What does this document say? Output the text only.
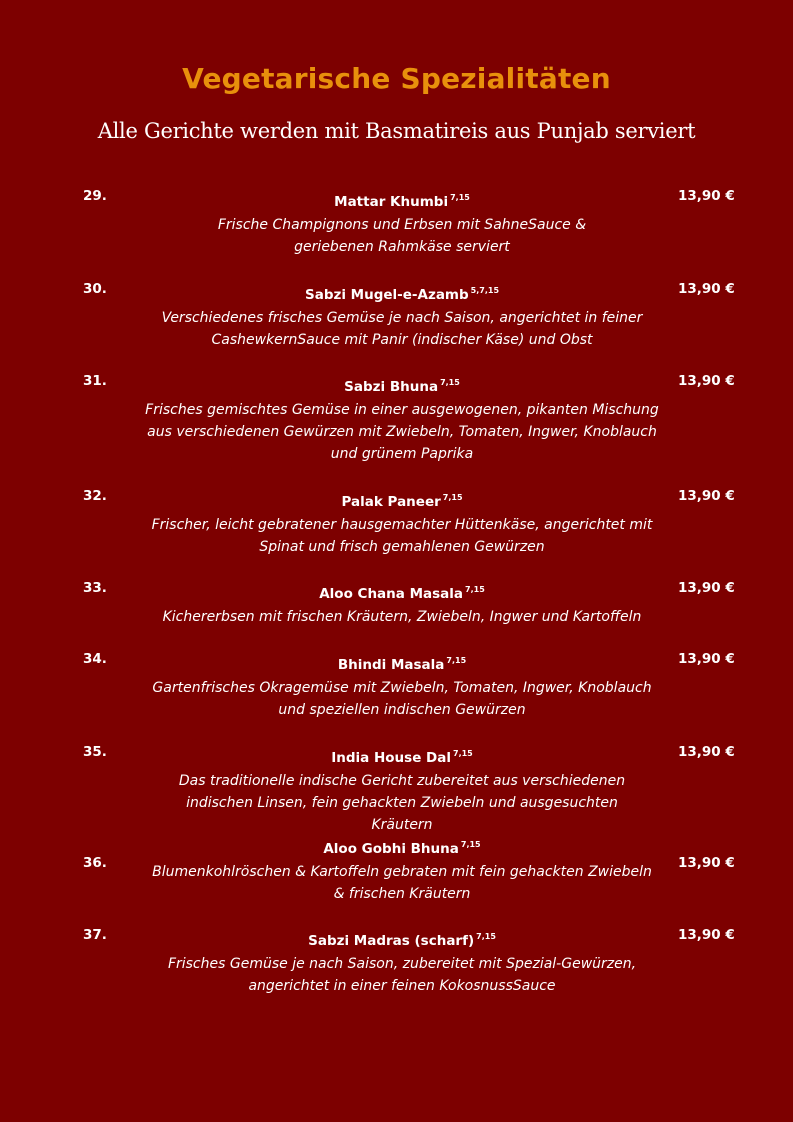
Vegetarische Spezialitäten
Alle Gerichte werden mit Basmatireis aus Punjab serviert
29.	Mattar Khumbi $^{7,15}$
Frische Champignons und Erbsen mit SahneSauce & geriebenen Rahmkäse serviert
13,90 €
30.	Sabzi Mugel-e-Azamb $^{5,7,15}$
Verschiedenes frisches Gemüse je nach Saison, angerichtet in feiner CashewkernSauce mit Panir (indischer Käse) und Obst
13,90 €
31.	Sabzi Bhuna $^{7,15}$
Frisches gemischtes Gemüse in einer ausgewogenen, pikanten Mischung aus verschiedenen Gewürzen mit Zwiebeln, Tomaten, Ingwer, Knoblauch und grünem Paprika
13,90 €
32.	Palak Paneer $^{7,15}$
Frischer, leicht gebratener hausgemachter Hüttenkäse, angerichtet mit Spinat und frisch gemahlenen Gewürzen
13,90 €
33.	Aloo Chana Masala $^{7,15}$
Kichererbsen mit frischen Kräutern, Zwiebeln, Ingwer und Kartoffeln
13,90 €
34.	Bhindi Masala $^{7,15}$
Gartenfrisches Okragemüse mit Zwiebeln, Tomaten, Ingwer, Knoblauch und speziellen indischen Gewürzen
13,90 €
35.	India House Dal $^{7,15}$
Das traditionelle indische Gericht zubereitet aus verschiedenen indischen Linsen, fein gehackten Zwiebeln und ausgesuchten Kräutern
13,90 €
36.
Aloo Gobhi Bhuna $^{7,15}$
Blumenkohlröschen & Kartoffeln gebraten mit fein gehackten Zwiebeln & frischen Kräutern
13,90 €
37.	Sabzi Madras (scharf) $^{7,15}$
Frisches Gemüse je nach Saison, zubereitet mit Spezial-Gewürzen, angerichtet in einer feinen KokosnussSauce
13,90 €
